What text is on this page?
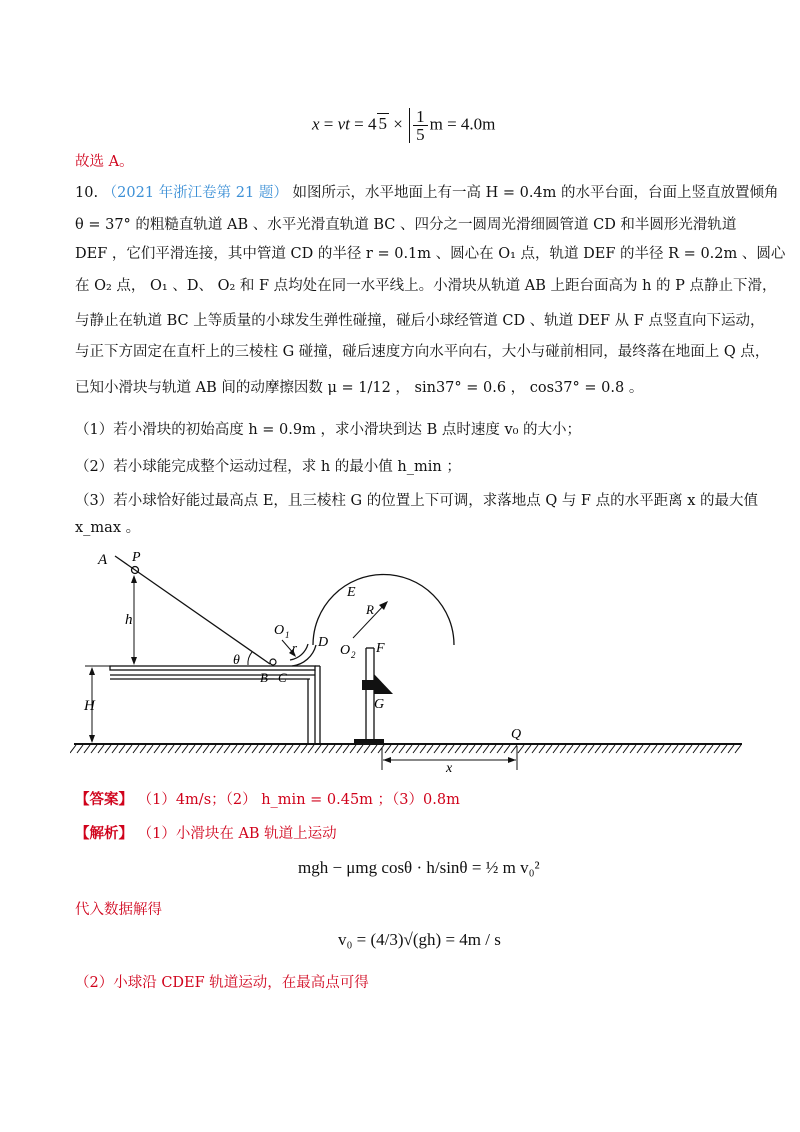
x = vt = 4 $5 \times \frac{1}{5}$ m = 4.0m
故选 A。
10. （2021 年浙江卷第 21 题） 如图所示，水平地面上有一高 H = 0.4m 的水平台面，台面上竖直放置倾角
θ = 37° 的粗糙直轨道 AB 、水平光滑直轨道 BC 、四分之一圆周光滑细圆管道 CD 和半圆形光滑轨道
DEF ，它们平滑连接，其中管道 CD 的半径 r = 0.1m 、圆心在 O₁ 点，轨道 DEF 的半径 R = 0.2m 、圆心
在 O₂ 点， O₁ 、D、 O₂ 和 F 点均处在同一水平线上。小滑块从轨道 AB 上距台面高为 h 的 P 点静止下滑，
与静止在轨道 BC 上等质量的小球发生弹性碰撞，碰后小球经管道 CD 、轨道 DEF 从 F 点竖直向下运动，
与正下方固定在直杆上的三棱柱 G 碰撞，碰后速度方向水平向右，大小与碰前相同，最终落在地面上 Q 点，
已知小滑块与轨道 AB 间的动摩擦因数 μ = 1/12 ， sin37° = 0.6 ， cos37° = 0.8 。
（1）若小滑块的初始高度 h = 0.9m ，求小滑块到达 B 点时速度 v₀ 的大小；
（2）若小球能完成整个运动过程，求 h 的最小值 h_min ；
（3）若小球恰好能过最高点 E，且三棱柱 G 的位置上下可调，求落地点 Q 与 F 点的水平距离 x 的最大值
x_max 。
H
A P
h
θ
B – C
O 1
r D
E
R
O 2 F
G
Q
x
【答案】 （1）4m/s；（2） h_min = 0.45m ；（3）0.8m
【解析】 （1）小滑块在 AB 轨道上运动
mgh − μmg cosθ · h/sinθ = ½ m v₀²
代入数据解得
v₀ = (4/3)√(gh) = 4m / s
（2）小球沿 CDEF 轨道运动，在最高点可得
